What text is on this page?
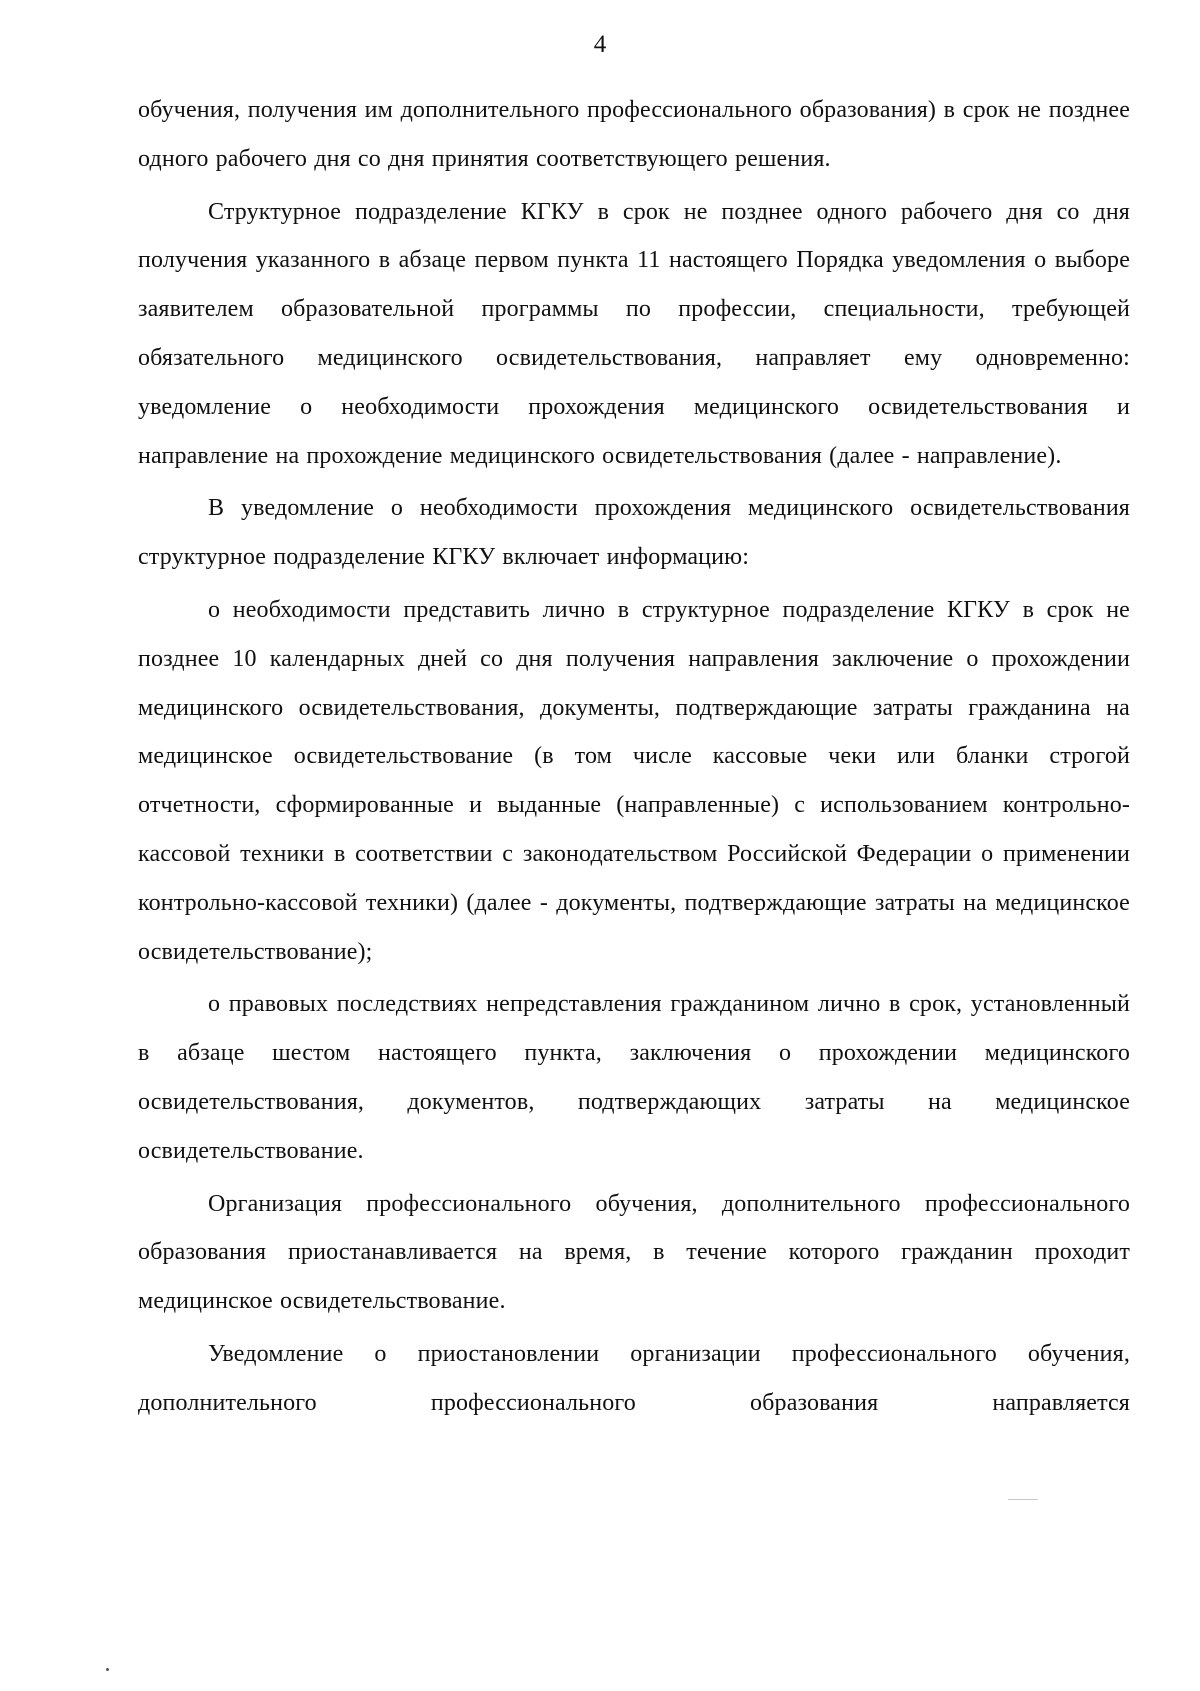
4

обучения, получения им дополнительного профессионального образования) в срок не позднее одного рабочего дня со дня принятия соответствующего решения.

Структурное подразделение КГКУ в срок не позднее одного рабочего дня со дня получения указанного в абзаце первом пункта 11 настоящего Порядка уведомления о выборе заявителем образовательной программы по профессии, специальности, требующей обязательного медицинского освидетельствования, направляет ему одновременно: уведомление о необходимости прохождения медицинского освидетельствования и направление на прохождение медицинского освидетельствования (далее - направление).

В уведомление о необходимости прохождения медицинского освидетельствования структурное подразделение КГКУ включает информацию:

о необходимости представить лично в структурное подразделение КГКУ в срок не позднее 10 календарных дней со дня получения направления заключение о прохождении медицинского освидетельствования, документы, подтверждающие затраты гражданина на медицинское освидетельствование (в том числе кассовые чеки или бланки строгой отчетности, сформированные и выданные (направленные) с использованием контрольно-кассовой техники в соответствии с законодательством Российской Федерации о применении контрольно-кассовой техники) (далее - документы, подтверждающие затраты на медицинское освидетельствование);

о правовых последствиях непредставления гражданином лично в срок, установленный в абзаце шестом настоящего пункта, заключения о прохождении медицинского освидетельствования, документов, подтверждающих затраты на медицинское освидетельствование.

Организация профессионального обучения, дополнительного профессионального образования приостанавливается на время, в течение которого гражданин проходит медицинское освидетельствование.

Уведомление о приостановлении организации профессионального обучения, дополнительного профессионального образования направляется
